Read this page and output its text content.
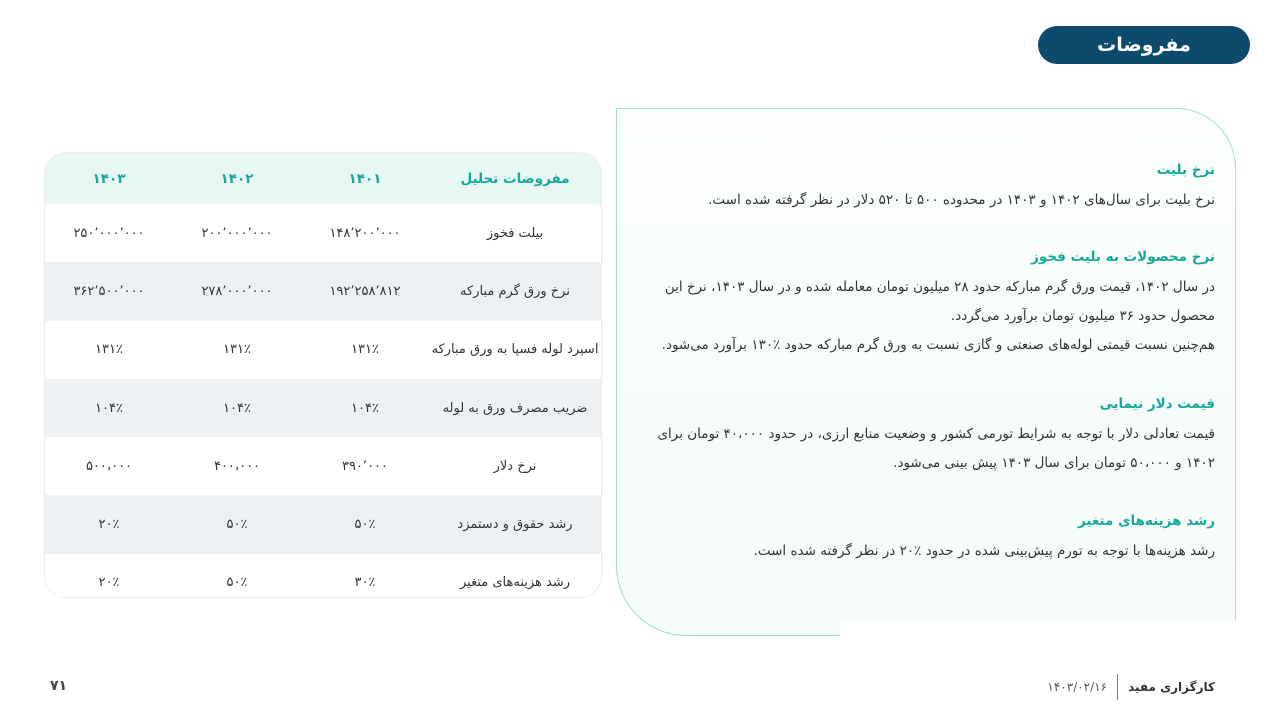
مفروضات
نرخ بلیت

نرخ بلیت برای سال‌های ۱۴۰۲ و ۱۴۰۳ در محدوده ۵۰۰ تا ۵۲۰ دلار در نظر گرفته شده است.

نرخ محصولات به بلیت فخوز

در سال ۱۴۰۲، قیمت ورق گرم مبارکه حدود ۲۸ میلیون تومان معامله شده و در سال ۱۴۰۳، نرخ این محصول حدود ۳۶ میلیون تومان برآورد می‌گردد.

هم‌چنین نسبت قیمتی لوله‌های صنعتی و گازی نسبت به ورق گرم مبارکه حدود ٪۱۳۰ برآورد می‌شود.

قیمت دلار نیمایی

قیمت تعادلی دلار با توجه به شرایط تورمی کشور و وضعیت منابع ارزی، در حدود ۴۰،۰۰۰ تومان برای ۱۴۰۲ و ۵۰،۰۰۰ تومان برای سال ۱۴۰۳ پیش بینی می‌شود.

رشد هزینه‌های متغیر

رشد هزینه‌ها با توجه به تورم پیش‌بینی شده در حدود ٪۲۰ در نظر گرفته شده است.

مفروضات تحلیل	۱۴۰۱	۱۴۰۲	۱۴۰۳
بیلت فخوز	۱۴۸٬۲۰۰٬۰۰۰	۲۰۰٬۰۰۰٬۰۰۰	۲۵۰٬۰۰۰٬۰۰۰
نرخ ورق گرم مبارکه	۱۹۲٬۲۵۸٬۸۱۲	۲۷۸٬۰۰۰٬۰۰۰	۳۶۲٬۵۰۰٬۰۰۰
اسپرد لوله فسپا به ورق مبارکه	۱۳۱٪	۱۳۱٪	۱۳۱٪
ضریب مصرف ورق به لوله	۱۰۴٪	۱۰۴٪	۱۰۴٪
نرخ دلار	۳۹۰٬۰۰۰	۴۰۰،۰۰۰	۵۰۰،۰۰۰
رشد حقوق و دستمزد	۵۰٪	۵۰٪	۲۰٪
رشد هزینه‌های متغیر	۳۰٪	۵۰٪	۲۰٪
۷۱	کارگزاری مفید
۱۴۰۳/۰۲/۱۶
